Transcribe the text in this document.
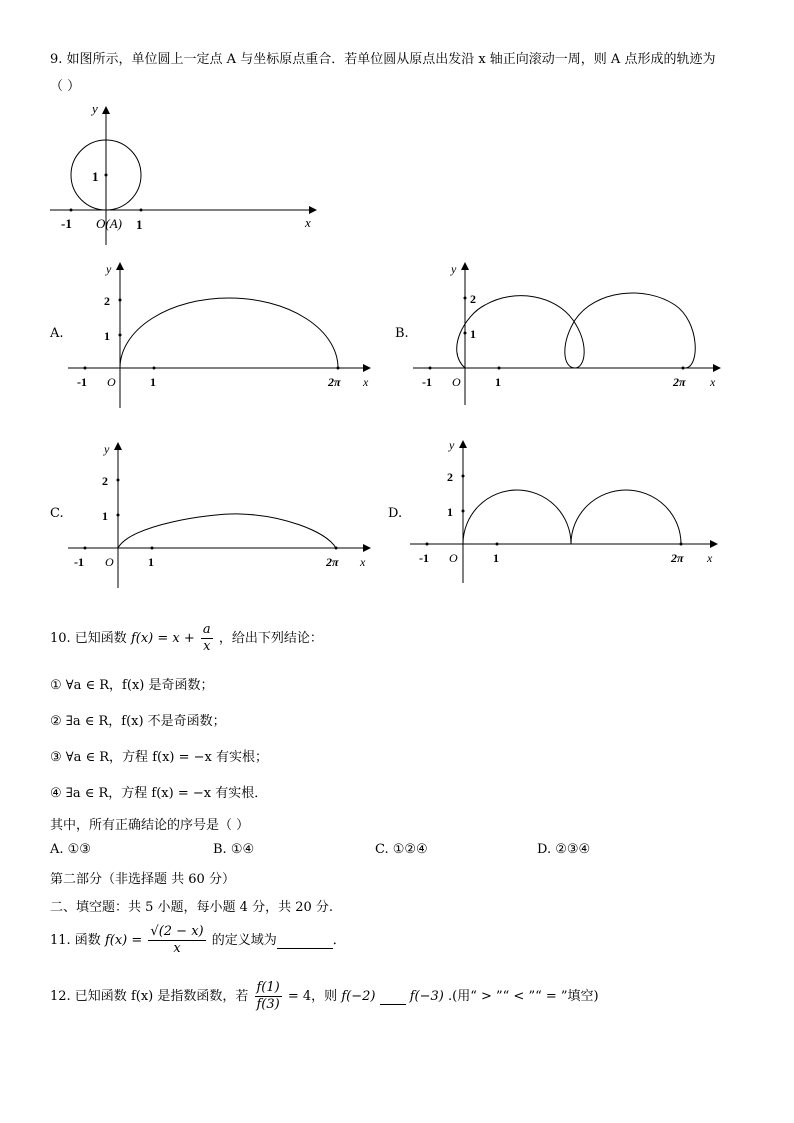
9. 如图所示，单位圆上一定点 A 与坐标原点重合．若单位圆从原点出发沿 x 轴正向滚动一周，则 A 点形成的轨迹为
（ ）
y
x
1
-1 O(A) 1
A.
y
x
2
1
-1 O	1	2π
B.
y
x
2
1
-1 O	1	2π
C.
y
x
2
1
-1 O	1	2π
D.
y
x
2
1
-1 O	1	2π
10. 已知函数 $f(x) = x + \frac{a}{x}$ ，给出下列结论：
① ∀a ∈ R，f(x) 是奇函数；
② ∃a ∈ R，f(x) 不是奇函数；
③ ∀a ∈ R，方程 f(x) = −x 有实根；
④ ∃a ∈ R，方程 f(x) = −x 有实根．
其中，所有正确结论的序号是（ ）
A. ①③	B. ①④	C. ①②④	D. ②③④
第二部分（非选择题 共 60 分）
二、填空题：共 5 小题，每小题 4 分，共 20 分.
11. 函数 $f(x) = \frac{√(2 - x)}{x}$ 的定义域为	．
12. 已知函数 f(x) 是指数函数，若 $\frac{f(1)}{f(3)} = 4$，则 f(−2)	f(−3) .(用“ > ”“ < ”“ = ”填空)
